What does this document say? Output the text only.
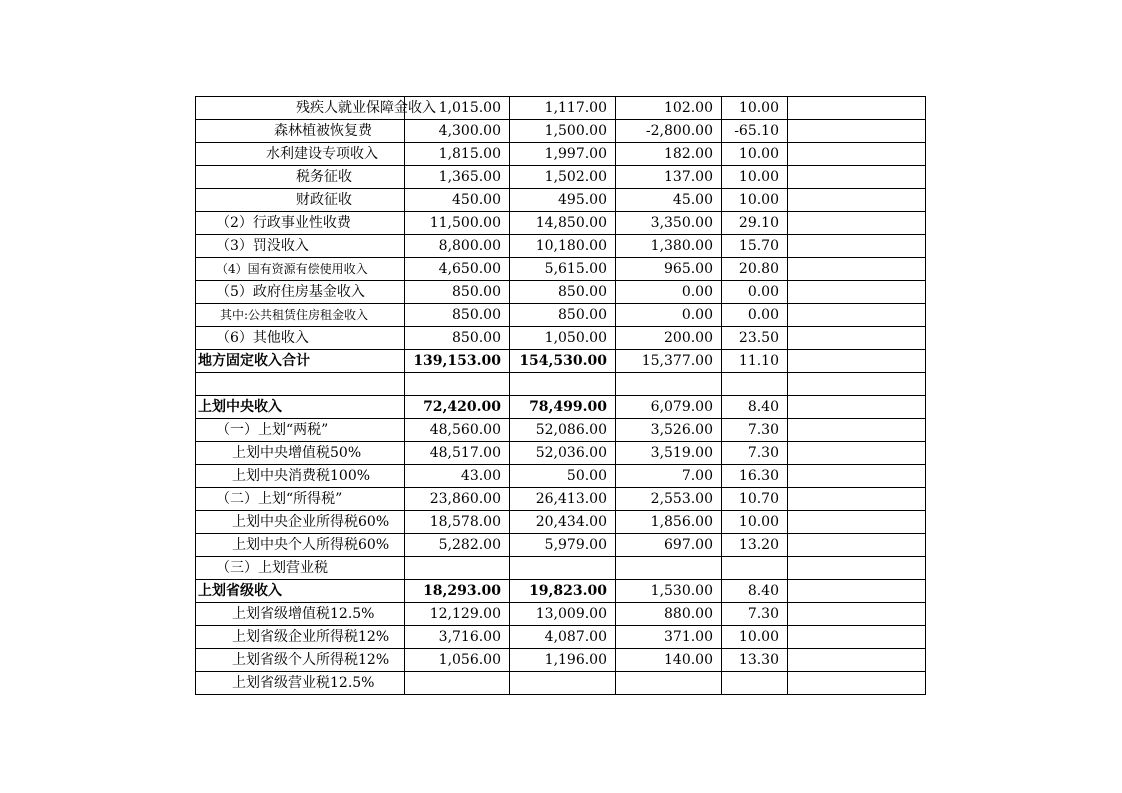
残疾人就业保障金收入	1,015.00	1,117.00	102.00	10.00	
森林植被恢复费	4,300.00	1,500.00	-2,800.00	-65.10	
水利建设专项收入	1,815.00	1,997.00	182.00	10.00	
税务征收	1,365.00	1,502.00	137.00	10.00	
财政征收	450.00	495.00	45.00	10.00	
（2）行政事业性收费	11,500.00	14,850.00	3,350.00	29.10	
（3）罚没收入	8,800.00	10,180.00	1,380.00	15.70	
（4）国有资源有偿使用收入	4,650.00	5,615.00	965.00	20.80	
（5）政府住房基金收入	850.00	850.00	0.00	0.00	
其中:公共租赁住房租金收入	850.00	850.00	0.00	0.00	
（6）其他收入	850.00	1,050.00	200.00	23.50	
地方固定收入合计	139,153.00	154,530.00	15,377.00	11.10	

上划中央收入	72,420.00	78,499.00	6,079.00	8.40	
（一）上划“两税”	48,560.00	52,086.00	3,526.00	7.30	
上划中央增值税50%	48,517.00	52,036.00	3,519.00	7.30	
上划中央消费税100%	43.00	50.00	7.00	16.30	
（二）上划“所得税”	23,860.00	26,413.00	2,553.00	10.70	
上划中央企业所得税60%	18,578.00	20,434.00	1,856.00	10.00	
上划中央个人所得税60%	5,282.00	5,979.00	697.00	13.20	
（三）上划营业税					
上划省级收入	18,293.00	19,823.00	1,530.00	8.40	
上划省级增值税12.5%	12,129.00	13,009.00	880.00	7.30	
上划省级企业所得税12%	3,716.00	4,087.00	371.00	10.00	
上划省级个人所得税12%	1,056.00	1,196.00	140.00	13.30	
上划省级营业税12.5%					
